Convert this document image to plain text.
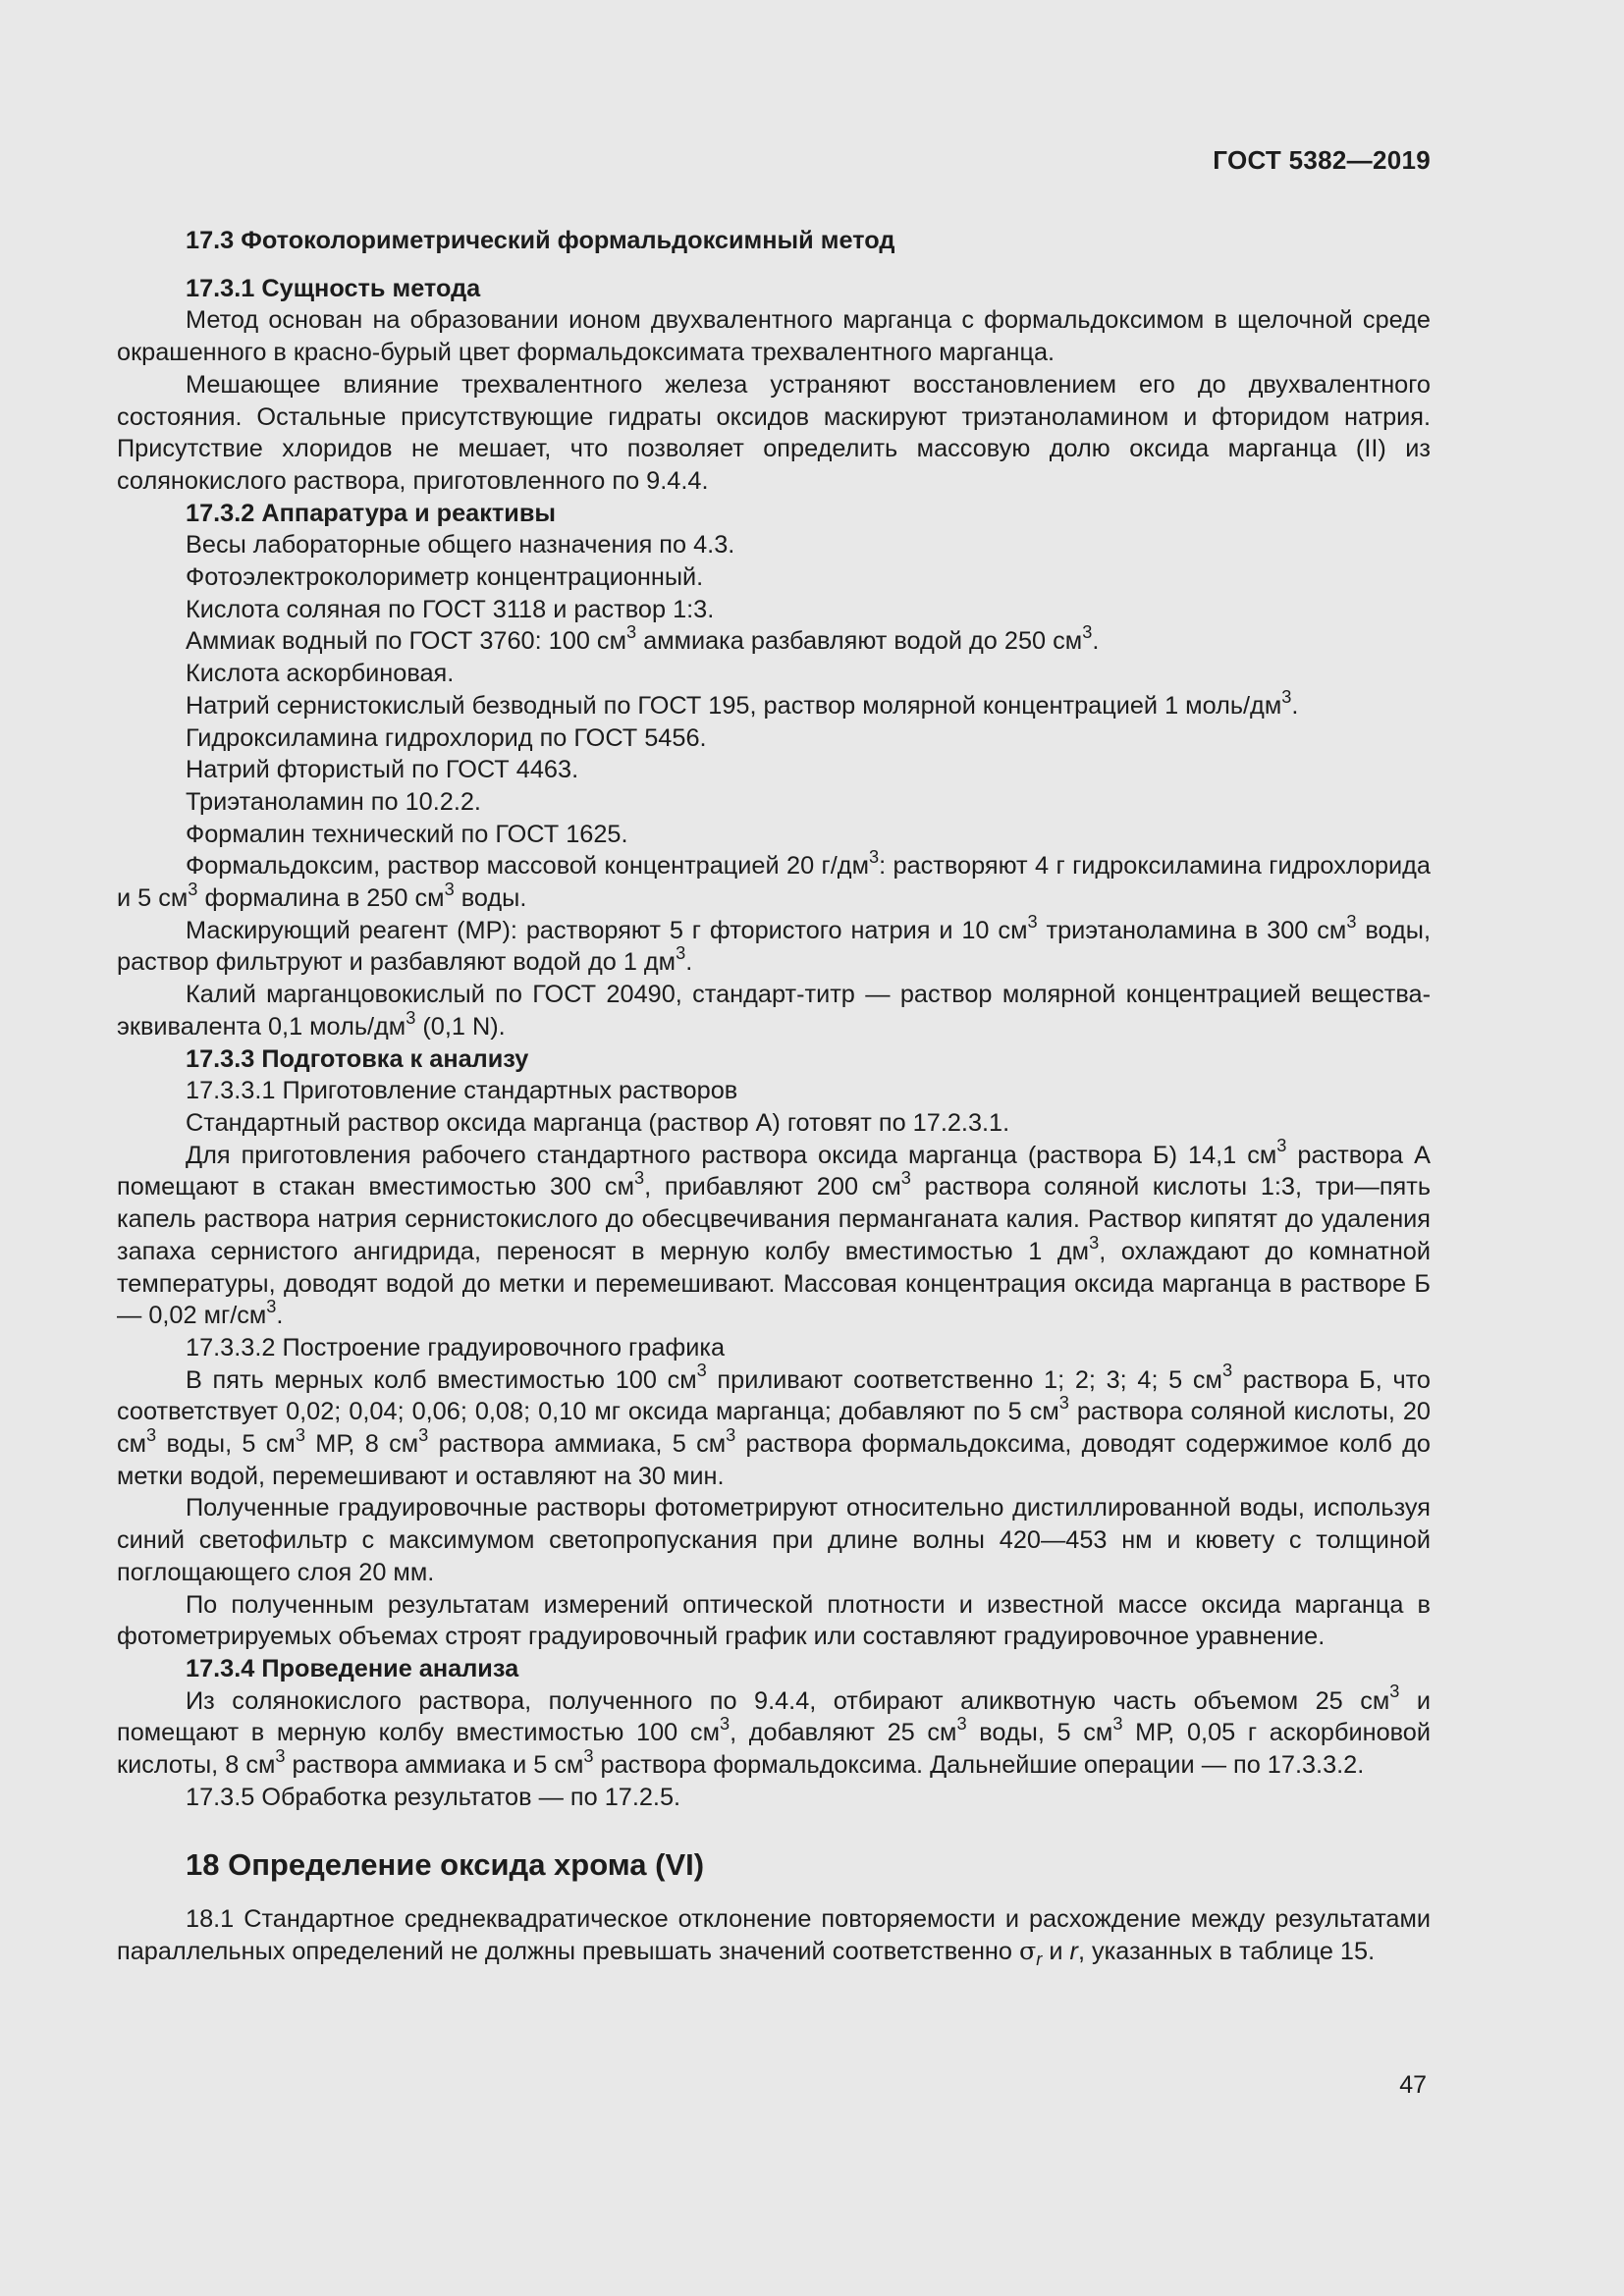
ГОСТ 5382—2019

17.3 Фотоколориметрический формальдоксимный метод

17.3.1 Сущность метода

Метод основан на образовании ионом двухвалентного марганца с формальдоксимом в щелочной среде окрашенного в красно-бурый цвет формальдоксимата трехвалентного марганца.

Мешающее влияние трехвалентного железа устраняют восстановлением его до двухвалентного состояния. Остальные присутствующие гидраты оксидов маскируют триэтаноламином и фторидом натрия. Присутствие хлоридов не мешает, что позволяет определить массовую долю оксида марганца (II) из солянокислого раствора, приготовленного по 9.4.4.

17.3.2 Аппаратура и реактивы

Весы лабораторные общего назначения по 4.3.

Фотоэлектроколориметр концентрационный.

Кислота соляная по ГОСТ 3118 и раствор 1:3.

Аммиак водный по ГОСТ 3760: 100 $см^3$ аммиака разбавляют водой до 250 $см^3$.

Кислота аскорбиновая.

Натрий сернистокислый безводный по ГОСТ 195, раствор молярной концентрацией 1 моль/$дм^3$.

Гидроксиламина гидрохлорид по ГОСТ 5456.

Натрий фтористый по ГОСТ 4463.

Триэтаноламин по 10.2.2.

Формалин технический по ГОСТ 1625.

Формальдоксим, раствор массовой концентрацией 20 $г/дм^3$: растворяют 4 г гидроксиламина гидрохлорида и 5 $см^3$ формалина в 250 $см^3$ воды.

Маскирующий реагент (МР): растворяют 5 г фтористого натрия и 10 $см^3$ триэтаноламина в 300 $см^3$ воды, раствор фильтруют и разбавляют водой до 1 $дм^3$.

Калий марганцовокислый по ГОСТ 20490, стандарт-титр — раствор молярной концентрацией вещества-эквивалента 0,1 моль/$дм^3$ (0,1 N).

17.3.3 Подготовка к анализу

17.3.3.1 Приготовление стандартных растворов

Стандартный раствор оксида марганца (раствор А) готовят по 17.2.3.1.

Для приготовления рабочего стандартного раствора оксида марганца (раствора Б) 14,1 $см^3$ раствора А помещают в стакан вместимостью 300 $см^3$, прибавляют 200 $см^3$ раствора соляной кислоты 1:3, три—пять капель раствора натрия сернистокислого до обесцвечивания перманганата калия. Раствор кипятят до удаления запаха сернистого ангидрида, переносят в мерную колбу вместимостью 1 $дм^3$, охлаждают до комнатной температуры, доводят водой до метки и перемешивают. Массовая концентрация оксида марганца в растворе Б — 0,02 $мг/см^3$.

17.3.3.2 Построение градуировочного графика

В пять мерных колб вместимостью 100 $см^3$ приливают соответственно 1; 2; 3; 4; 5 $см^3$ раствора Б, что соответствует 0,02; 0,04; 0,06; 0,08; 0,10 мг оксида марганца; добавляют по 5 $см^3$ раствора соляной кислоты, 20 $см^3$ воды, 5 $см^3$ МР, 8 $см^3$ раствора аммиака, 5 $см^3$ раствора формальдоксима, доводят содержимое колб до метки водой, перемешивают и оставляют на 30 мин.

Полученные градуировочные растворы фотометрируют относительно дистиллированной воды, используя синий светофильтр с максимумом светопропускания при длине волны 420—453 нм и кювету с толщиной поглощающего слоя 20 мм.

По полученным результатам измерений оптической плотности и известной массе оксида марганца в фотометрируемых объемах строят градуировочный график или составляют градуировочное уравнение.

17.3.4 Проведение анализа

Из солянокислого раствора, полученного по 9.4.4, отбирают аликвотную часть объемом 25 $см^3$ и помещают в мерную колбу вместимостью 100 $см^3$, добавляют 25 $см^3$ воды, 5 $см^3$ МР, 0,05 г аскорбиновой кислоты, 8 $см^3$ раствора аммиака и 5 $см^3$ раствора формальдоксима. Дальнейшие операции — по 17.3.3.2.

17.3.5 Обработка результатов — по 17.2.5.

18 Определение оксида хрома (VI)

18.1 Стандартное среднеквадратическое отклонение повторяемости и расхождение между результатами параллельных определений не должны превышать значений соответственно $\sigma_r$ и r, указанных в таблице 15.

47
